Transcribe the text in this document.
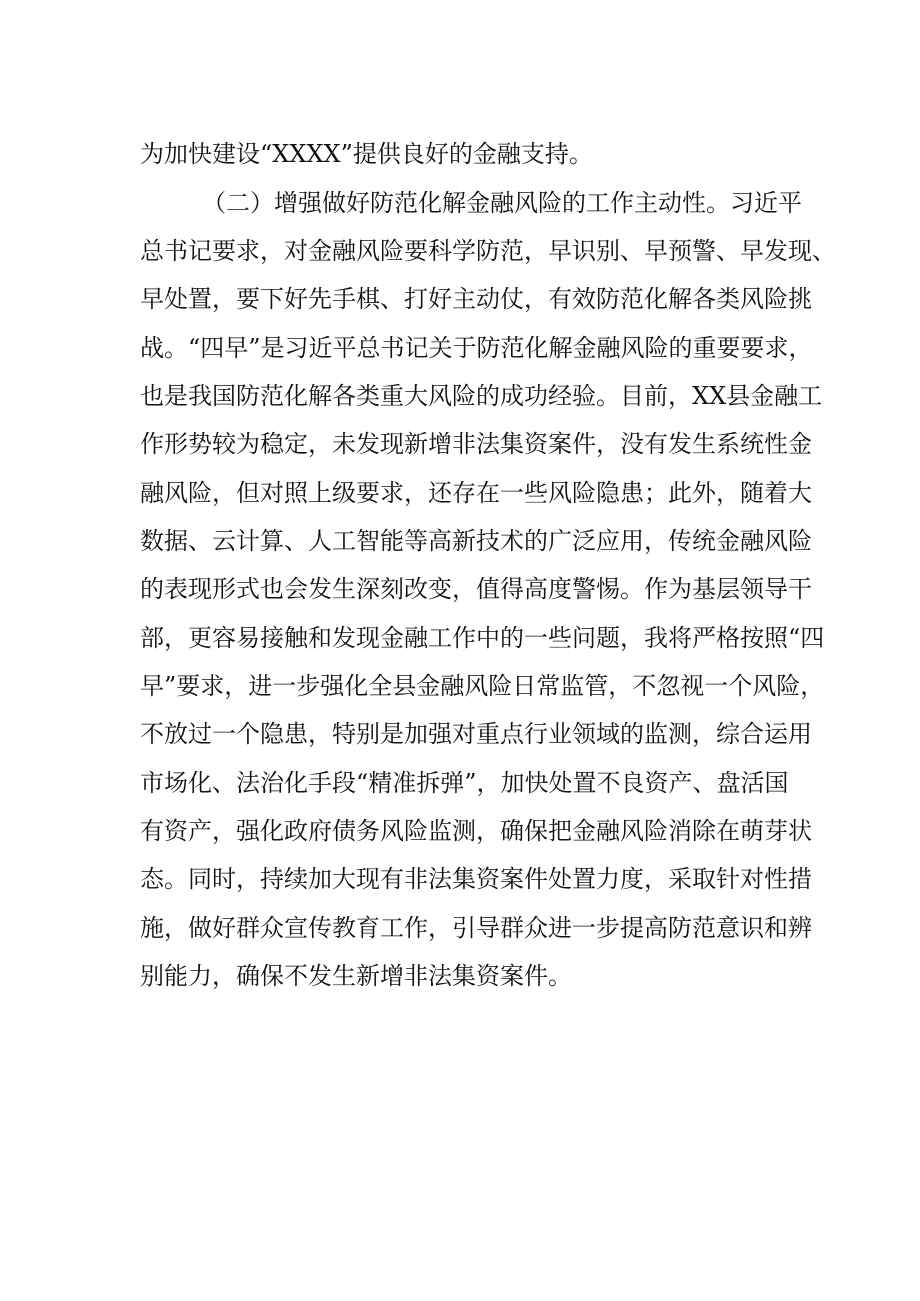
为加快建设“XXXX”提供良好的金融支持。
（二）增强做好防范化解金融风险的工作主动性。习近平
总书记要求，对金融风险要科学防范，早识别、早预警、早发现、
早处置，要下好先手棋、打好主动仗，有效防范化解各类风险挑
战。“四早”是习近平总书记关于防范化解金融风险的重要要求，
也是我国防范化解各类重大风险的成功经验。目前，XX县金融工
作形势较为稳定，未发现新增非法集资案件，没有发生系统性金
融风险，但对照上级要求，还存在一些风险隐患；此外，随着大
数据、云计算、人工智能等高新技术的广泛应用，传统金融风险
的表现形式也会发生深刻改变，值得高度警惕。作为基层领导干
部，更容易接触和发现金融工作中的一些问题，我将严格按照“四
早”要求，进一步强化全县金融风险日常监管，不忽视一个风险，
不放过一个隐患，特别是加强对重点行业领域的监测，综合运用
市场化、法治化手段“精准拆弹”，加快处置不良资产、盘活国
有资产，强化政府债务风险监测，确保把金融风险消除在萌芽状
态。同时，持续加大现有非法集资案件处置力度，采取针对性措
施，做好群众宣传教育工作，引导群众进一步提高防范意识和辨
别能力，确保不发生新增非法集资案件。
